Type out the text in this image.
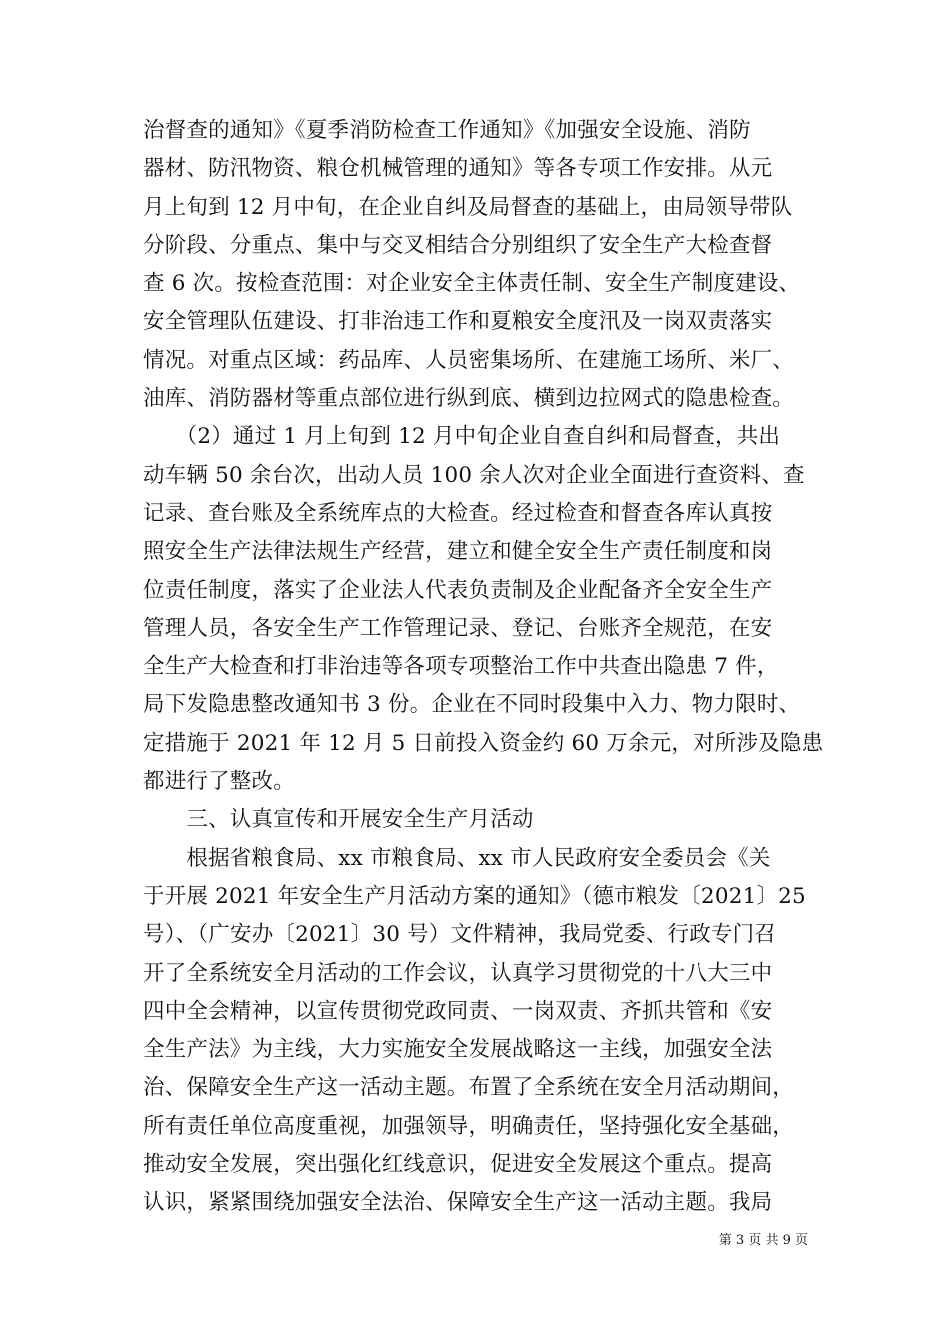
治督查的通知》《夏季消防检查工作通知》《加强安全设施、消防
器材、防汛物资、粮仓机械管理的通知》等各专项工作安排。从元
月上旬到 12 月中旬，在企业自纠及局督查的基础上，由局领导带队
分阶段、分重点、集中与交叉相结合分别组织了安全生产大检查督
查 6 次。按检查范围：对企业安全主体责任制、安全生产制度建设、
安全管理队伍建设、打非治违工作和夏粮安全度汛及一岗双责落实
情况。对重点区域：药品库、人员密集场所、在建施工场所、米厂、
油库、消防器材等重点部位进行纵到底、横到边拉网式的隐患检查。
　　（2）通过 1 月上旬到 12 月中旬企业自查自纠和局督查，共出
动车辆 50 余台次，出动人员 100 余人次对企业全面进行查资料、查
记录、查台账及全系统库点的大检查。经过检查和督查各库认真按
照安全生产法律法规生产经营，建立和健全安全生产责任制度和岗
位责任制度，落实了企业法人代表负责制及企业配备齐全安全生产
管理人员，各安全生产工作管理记录、登记、台账齐全规范，在安
全生产大检查和打非治违等各项专项整治工作中共查出隐患 7 件，
局下发隐患整改通知书 3 份。企业在不同时段集中入力、物力限时、
定措施于 2021 年 12 月 5 日前投入资金约 60 万余元，对所涉及隐患
都进行了整改。
　　三、认真宣传和开展安全生产月活动
　　根据省粮食局、xx 市粮食局、xx 市人民政府安全委员会《关
于开展 2021 年安全生产月活动方案的通知》（德市粮发〔2021〕25
号）、（广安办〔2021〕30 号）文件精神，我局党委、行政专门召
开了全系统安全月活动的工作会议，认真学习贯彻党的十八大三中
四中全会精神，以宣传贯彻党政同责、一岗双责、齐抓共管和《安
全生产法》为主线，大力实施安全发展战略这一主线，加强安全法
治、保障安全生产这一活动主题。布置了全系统在安全月活动期间，
所有责任单位高度重视，加强领导，明确责任，坚持强化安全基础，
推动安全发展，突出强化红线意识，促进安全发展这个重点。提高
认识，紧紧围绕加强安全法治、保障安全生产这一活动主题。我局
第 3 页 共 9 页
